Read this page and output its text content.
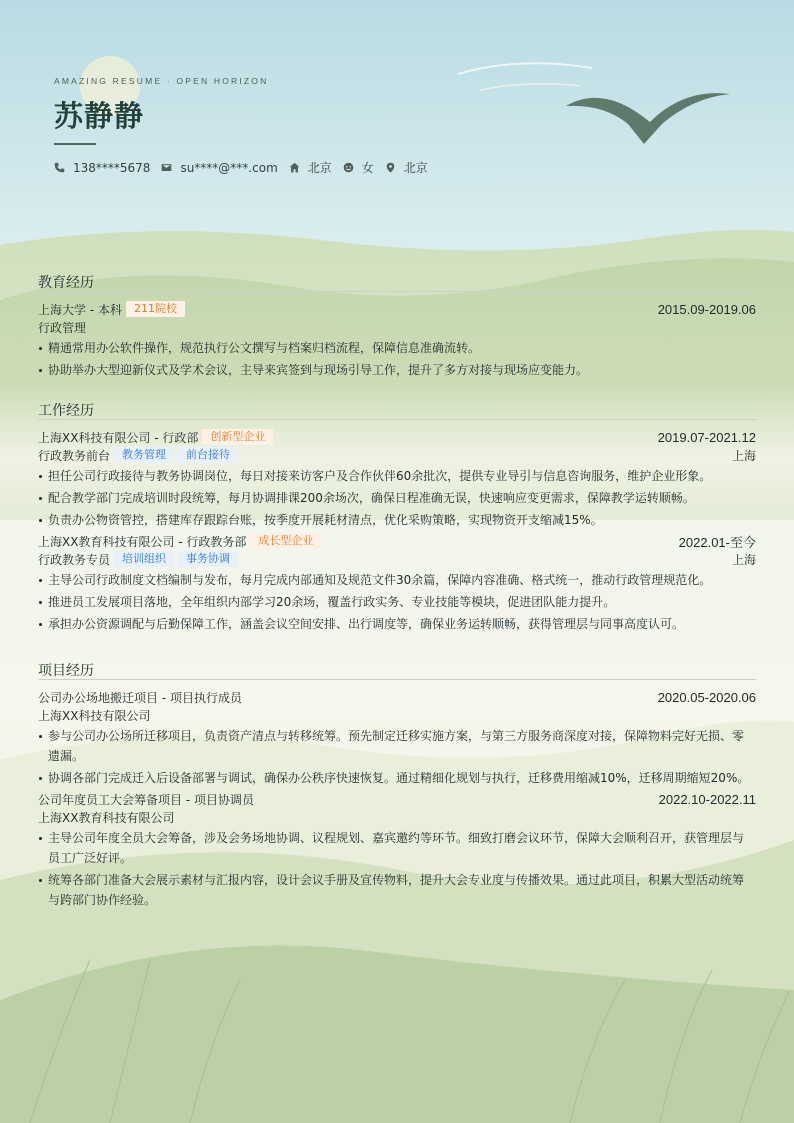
AMAZING RESUME · OPEN HORIZON
苏静静
138****5678	su****@***.com	北京	女	北京
教育经历
上海大学 - 本科	211院校	2015.09-2019.06
行政管理
精通常用办公软件操作，规范执行公文撰写与档案归档流程，保障信息准确流转。
协助举办大型迎新仪式及学术会议，主导来宾签到与现场引导工作，提升了多方对接与现场应变能力。
工作经历
上海XX科技有限公司 - 行政部	创新型企业	2019.07-2021.12
行政教务前台	教务管理	前台接待	上海
担任公司行政接待与教务协调岗位，每日对接来访客户及合作伙伴60余批次，提供专业导引与信息咨询服务，维护企业形象。
配合教学部门完成培训时段统筹，每月协调排课200余场次，确保日程准确无误，快速响应变更需求，保障教学运转顺畅。
负责办公物资管控，搭建库存跟踪台账，按季度开展耗材清点，优化采购策略，实现物资开支缩减15%。
上海XX教育科技有限公司 - 行政教务部	成长型企业	2022.01-至今
行政教务专员	培训组织	事务协调	上海
主导公司行政制度文档编制与发布，每月完成内部通知及规范文件30余篇，保障内容准确、格式统一，推动行政管理规范化。
推进员工发展项目落地，全年组织内部学习20余场，覆盖行政实务、专业技能等模块，促进团队能力提升。
承担办公资源调配与后勤保障工作，涵盖会议空间安排、出行调度等，确保业务运转顺畅，获得管理层与同事高度认可。
项目经历
公司办公场地搬迁项目 - 项目执行成员	2020.05-2020.06
上海XX科技有限公司
参与公司办公场所迁移项目，负责资产清点与转移统筹。预先制定迁移实施方案，与第三方服务商深度对接，保障物料完好无损、零遗漏。
协调各部门完成迁入后设备部署与调试，确保办公秩序快速恢复。通过精细化规划与执行，迁移费用缩减10%，迁移周期缩短20%。
公司年度员工大会筹备项目 - 项目协调员	2022.10-2022.11
上海XX教育科技有限公司
主导公司年度全员大会筹备，涉及会务场地协调、议程规划、嘉宾邀约等环节。细致打磨会议环节，保障大会顺利召开，获管理层与员工广泛好评。
统筹各部门准备大会展示素材与汇报内容，设计会议手册及宣传物料，提升大会专业度与传播效果。通过此项目，积累大型活动统筹与跨部门协作经验。
